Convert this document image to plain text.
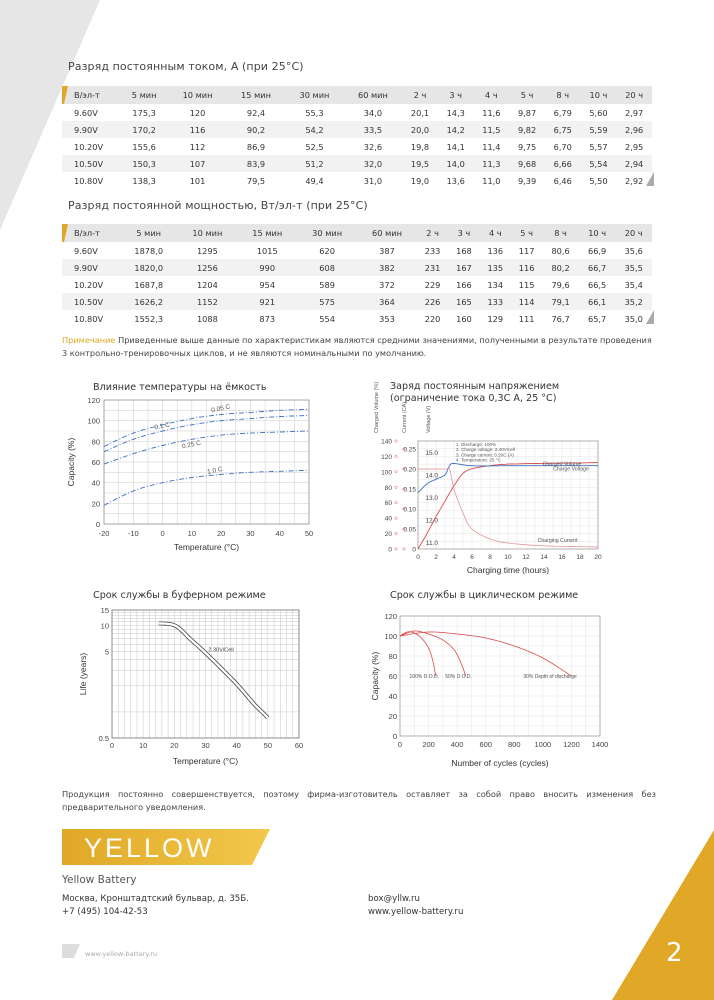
2
Разряд постоянным током, А (при 25°С)
В/эл-т	5 мин	10 мин	15 мин	30 мин	60 мин	2 ч	3 ч	4 ч	5 ч	8 ч	10 ч	20 ч
9.60V	175,3	120	92,4	55,3	34,0	20,1	14,3	11,6	9,87	6,79	5,60	2,97
9.90V	170,2	116	90,2	54,2	33,5	20,0	14,2	11,5	9,82	6,75	5,59	2,96
10.20V	155,6	112	86,9	52,5	32,6	19,8	14,1	11,4	9,75	6,70	5,57	2,95
10.50V	150,3	107	83,9	51,2	32,0	19,5	14,0	11,3	9,68	6,66	5,54	2,94
10.80V	138,3	101	79,5	49,4	31,0	19,0	13,6	11,0	9,39	6,46	5,50	2,92
Разряд постоянной мощностью, Вт/эл-т (при 25°С)
В/эл-т	5 мин	10 мин	15 мин	30 мин	60 мин	2 ч	3 ч	4 ч	5 ч	8 ч	10 ч	20 ч
9.60V	1878,0	1295	1015	620	387	233	168	136	117	80,6	66,9	35,6
9.90V	1820,0	1256	990	608	382	231	167	135	116	80,2	66,7	35,5
10.20V	1687,8	1204	954	589	372	229	166	134	115	79,6	66,5	35,4
10.50V	1626,2	1152	921	575	364	226	165	133	114	79,1	66,1	35,2
10.80V	1552,3	1088	873	554	353	220	160	129	111	76,7	65,7	35,0
Примечание Приведенные выше данные по характеристикам являются средними значениями, полученными в результате проведения 3 контрольно-тренировочных циклов, и не являются номинальными по умолчанию.
Влияние температуры на ёмкость
-20 -10	0	10	20	30	40	50
0
20
40
60
80
100
120
Temperature (°C)
Capacity (%)
0.05 C
0.1 C
0.25 C
1.0 C
Заряд постоянным напряжением
(ограничение тока 0,3С А, 25 °С)
Charged Volume (%)	Current (CA)	Voltage (V)
0
20
40
60
80
100
120
140
0
0.05
0.10
0.15
0.20
0.25
11.0
12.0
13.0
14.0
15.0
0 2 4 6 8 10 12 14 16 18 20
Charging time (hours)
1. Discharge: 100%
2. Charge voltage: 2.40V/cell
3. Charge current: 0.20C (A)
4. Temperature: 25 °C
Charged Volume
Charge Voltage
Charging Current
Срок службы в буферном режиме
0	10	20	30	40	50	60
15
10
5
0.5
Temperature (°C)
Life (years)
2.30V/Cell
Срок службы в циклическом режиме
0	200 400 600 800 1000 1200 1400
0
20
40
60
80
100
120
Number of cycles (cycles)
Capacity (%)	100% D.O.D. 50% D.O.D.	30% Depth of discharge
Продукция постоянно совершенствуется, поэтому фирма-изготовитель оставляет за собой право вносить изменения без предварительного уведомления.
YELLOW
Yellow Battery
Москва, Кронштадтский бульвар, д. 35Б.
+7 (495) 104-42-53
box@yllw.ru
www.yellow-battery.ru
www.yellow-battery.ru
